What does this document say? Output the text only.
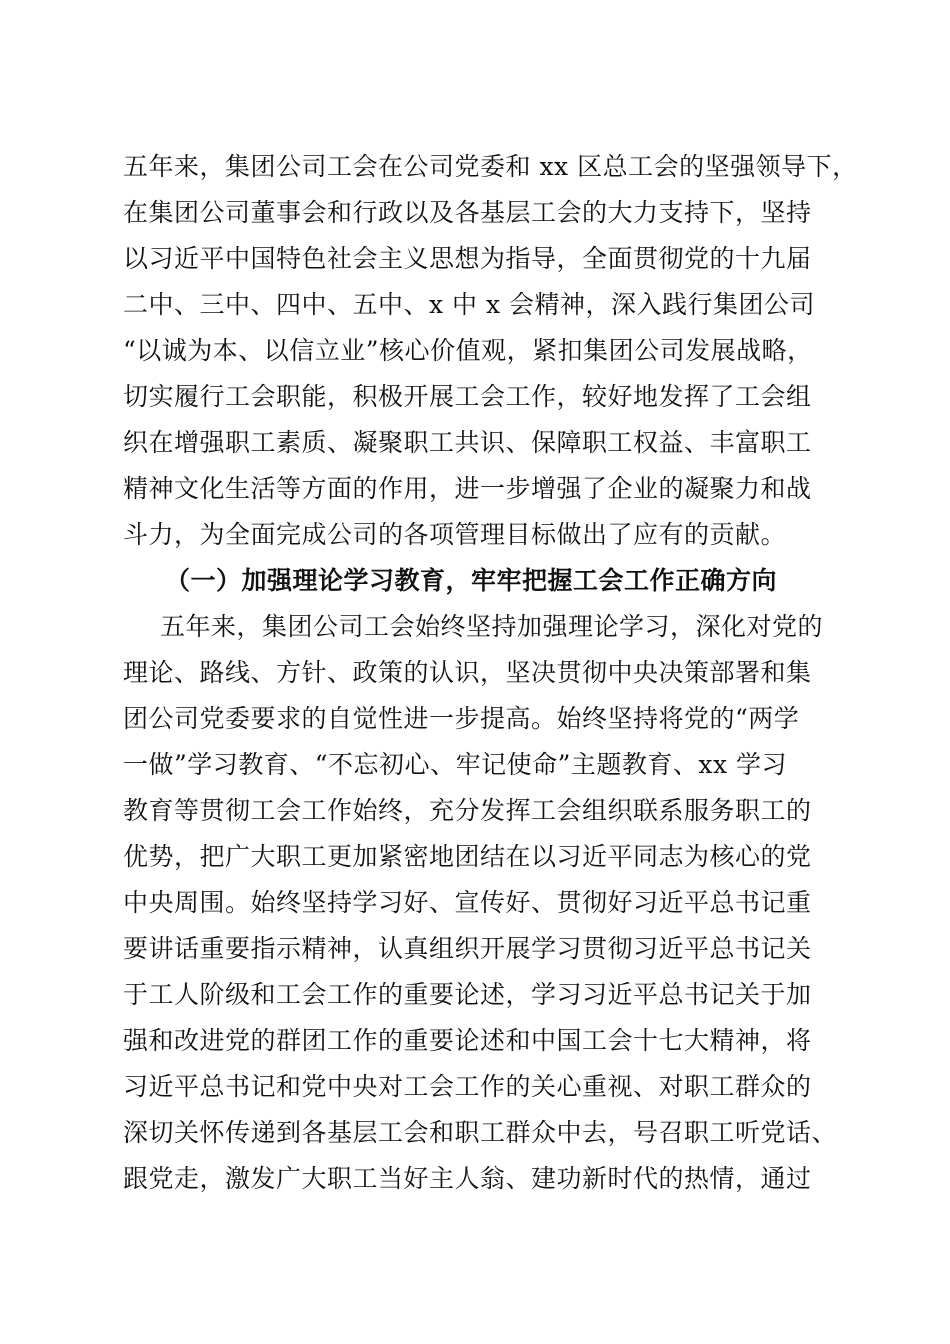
五年来，集团公司工会在公司党委和 xx 区总工会的坚强领导下，
在集团公司董事会和行政以及各基层工会的大力支持下，坚持
以习近平中国特色社会主义思想为指导，全面贯彻党的十九届
二中、三中、四中、五中、x 中 x 会精神，深入践行集团公司
“以诚为本、以信立业”核心价值观，紧扣集团公司发展战略，
切实履行工会职能，积极开展工会工作，较好地发挥了工会组
织在增强职工素质、凝聚职工共识、保障职工权益、丰富职工
精神文化生活等方面的作用，进一步增强了企业的凝聚力和战
斗力，为全面完成公司的各项管理目标做出了应有的贡献。
（一）加强理论学习教育，牢牢把握工会工作正确方向
五年来，集团公司工会始终坚持加强理论学习，深化对党的
理论、路线、方针、政策的认识，坚决贯彻中央决策部署和集
团公司党委要求的自觉性进一步提高。始终坚持将党的“两学
一做”学习教育、“不忘初心、牢记使命”主题教育、xx 学习
教育等贯彻工会工作始终，充分发挥工会组织联系服务职工的
优势，把广大职工更加紧密地团结在以习近平同志为核心的党
中央周围。始终坚持学习好、宣传好、贯彻好习近平总书记重
要讲话重要指示精神，认真组织开展学习贯彻习近平总书记关
于工人阶级和工会工作的重要论述，学习习近平总书记关于加
强和改进党的群团工作的重要论述和中国工会十七大精神，将
习近平总书记和党中央对工会工作的关心重视、对职工群众的
深切关怀传递到各基层工会和职工群众中去，号召职工听党话、
跟党走，激发广大职工当好主人翁、建功新时代的热情，通过
